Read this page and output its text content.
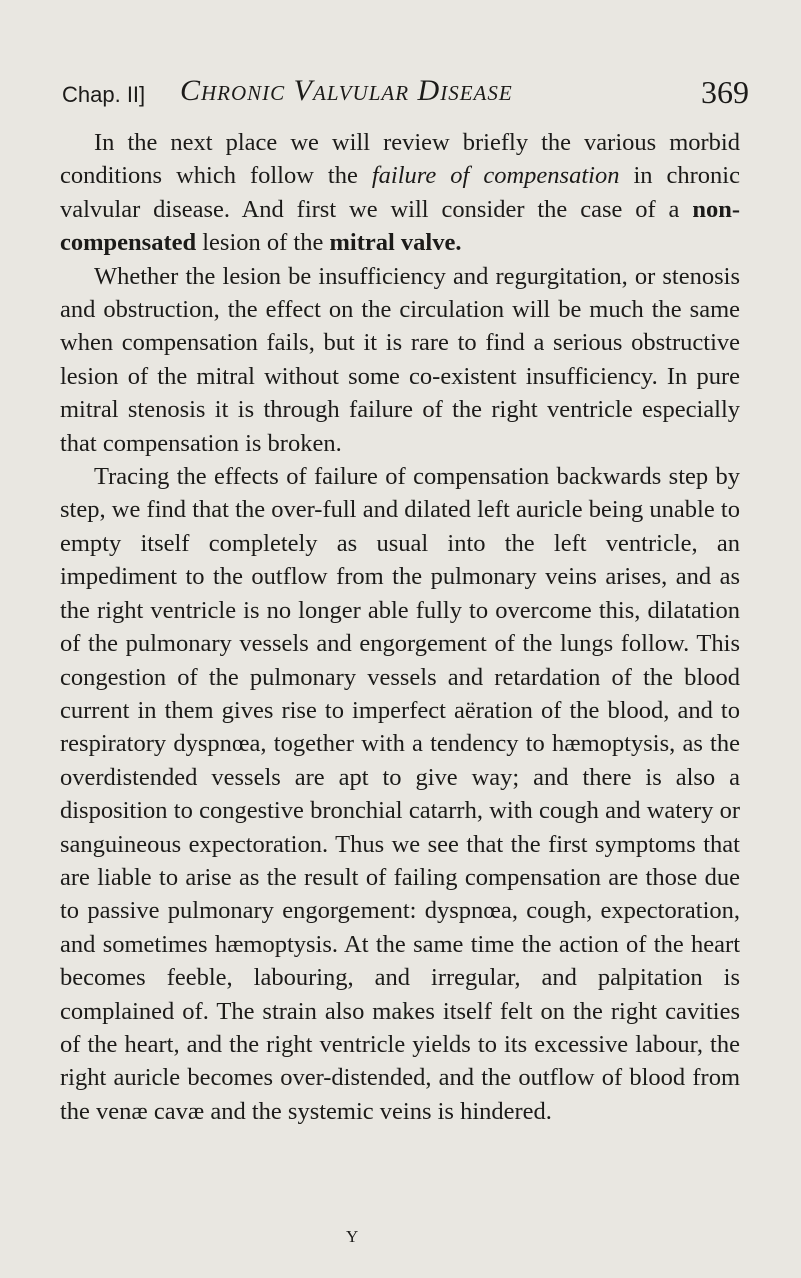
Chap. II] Chronic Valvular Disease	369

In the next place we will review briefly the various morbid conditions which follow the failure of compensation in chronic valvular disease. And first we will consider the case of a non-compensated lesion of the mitral valve.

Whether the lesion be insufficiency and regurgitation, or stenosis and obstruction, the effect on the circulation will be much the same when compensation fails, but it is rare to find a serious obstructive lesion of the mitral without some co-existent insufficiency. In pure mitral stenosis it is through failure of the right ventricle especially that compensation is broken.

Tracing the effects of failure of compensation backwards step by step, we find that the over-full and dilated left auricle being unable to empty itself completely as usual into the left ventricle, an impediment to the outflow from the pulmonary veins arises, and as the right ventricle is no longer able fully to overcome this, dilatation of the pulmonary vessels and engorgement of the lungs follow. This congestion of the pulmonary vessels and retardation of the blood current in them gives rise to imperfect aëration of the blood, and to respiratory dyspnœa, together with a tendency to hæmoptysis, as the overdistended vessels are apt to give way; and there is also a disposition to congestive bronchial catarrh, with cough and watery or sanguineous expectoration. Thus we see that the first symptoms that are liable to arise as the result of failing compensation are those due to passive pulmonary engorgement: dyspnœa, cough, expectoration, and sometimes hæmoptysis. At the same time the action of the heart becomes feeble, labouring, and irregular, and palpitation is complained of. The strain also makes itself felt on the right cavities of the heart, and the right ventricle yields to its excessive labour, the right auricle becomes over-distended, and the outflow of blood from the venæ cavæ and the systemic veins is hindered.

Y
